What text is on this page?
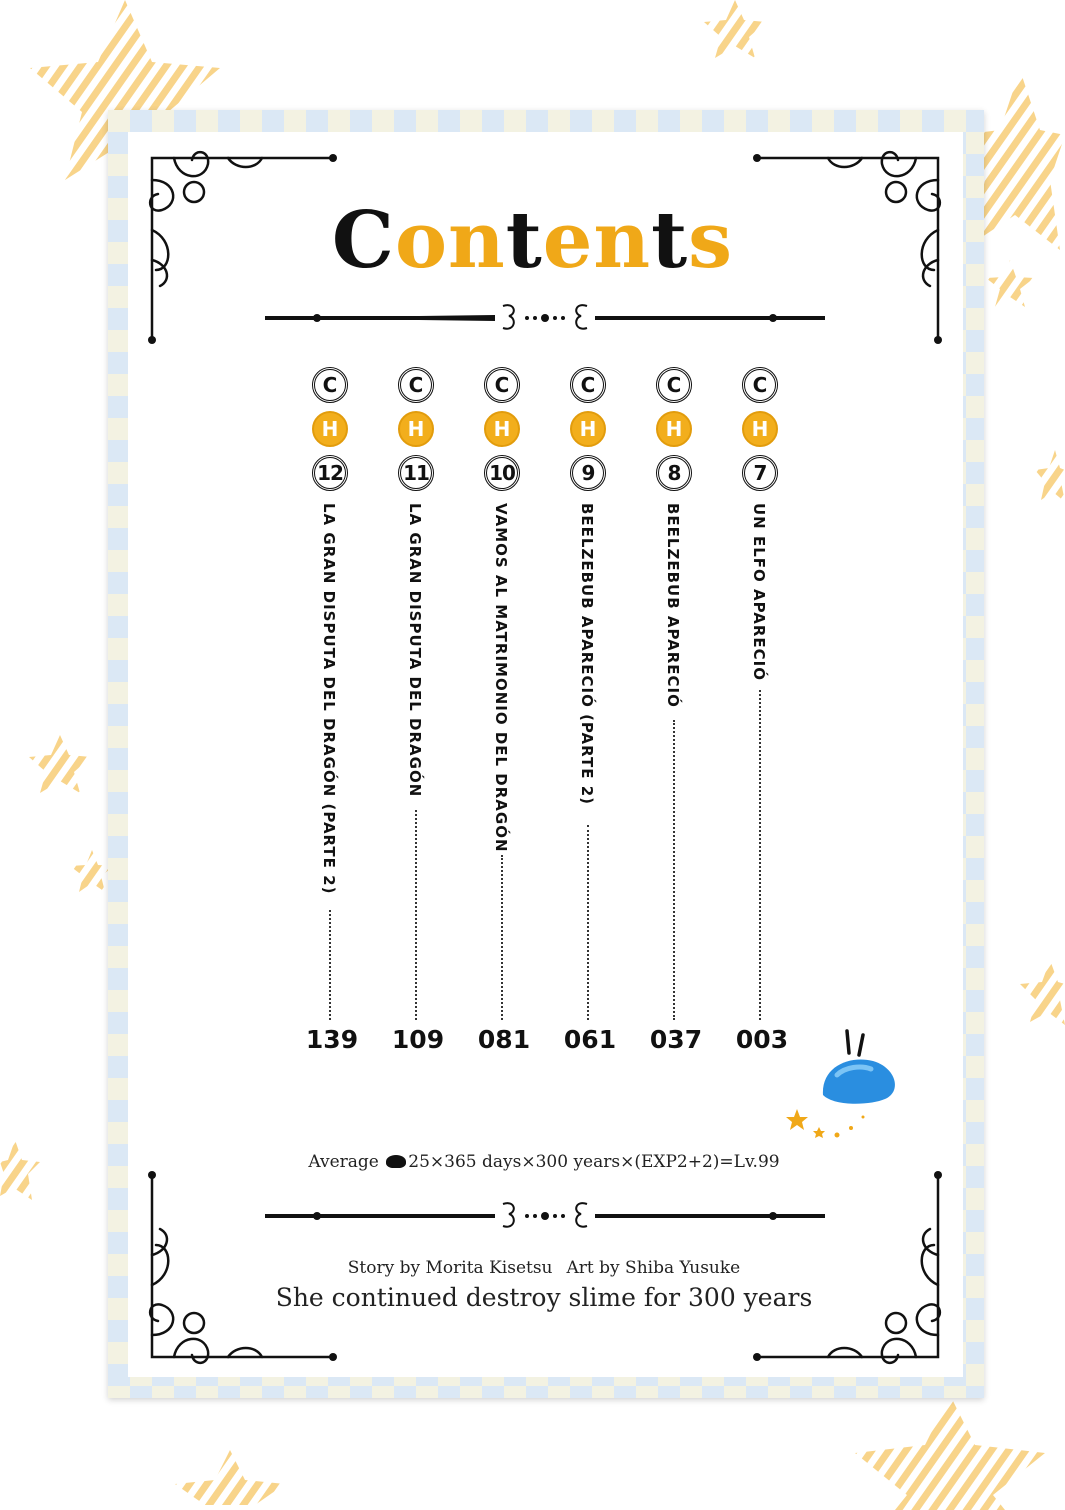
Contents
C
H
12
LA GRAN DISPUTA DEL DRAGÓN (PARTE 2)
139
C
H
11
LA GRAN DISPUTA DEL DRAGÓN
109
C
H
10
VAMOS AL MATRIMONIO DEL DRAGÓN
081
C
H
9
BEELZEBUB APARECIÓ (PARTE 2)
061
C
H
8
BEELZEBUB APARECIÓ
037
C
H
7
UN ELFO APARECIÓ
003
Average 25×365 days×300 years×(EXP2+2)=Lv.99
Story by Morita Kisetsu Art by Shiba Yusuke
She continued destroy slime for 300 years
